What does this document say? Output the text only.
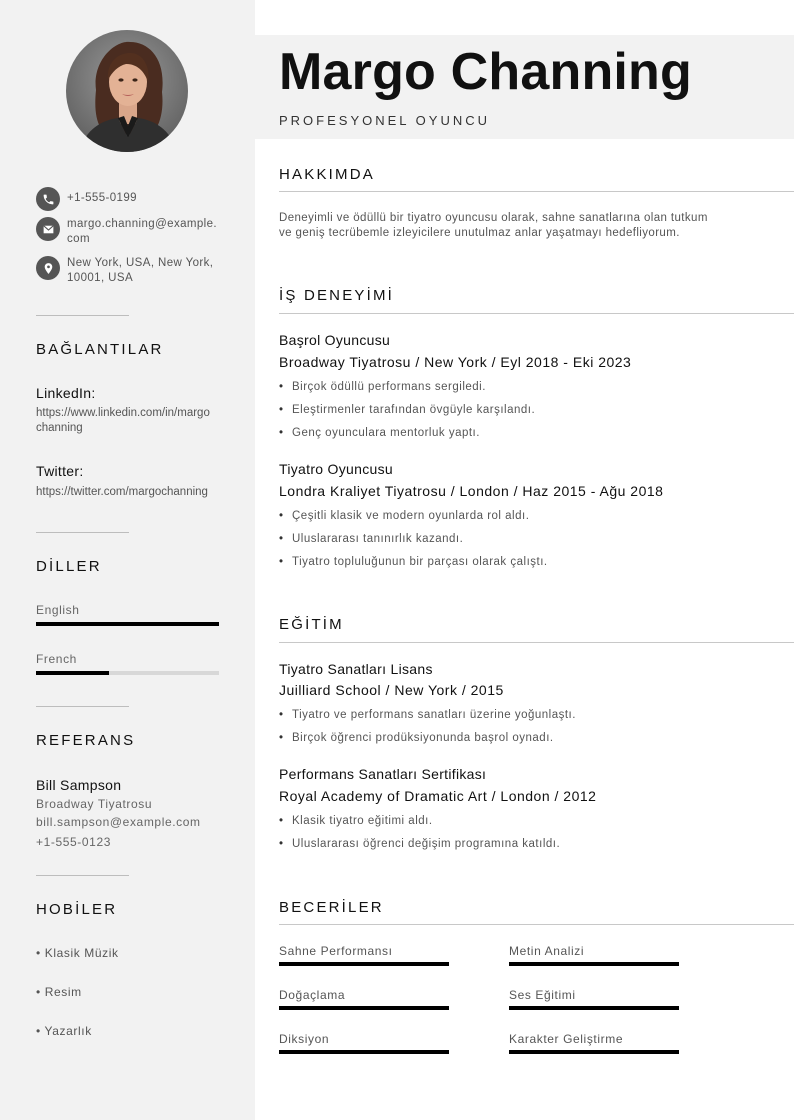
+1-555-0199
margo.channing@example.
com
New York, USA, New York,
10001, USA
BAĞLANTILAR
LinkedIn:
https://www.linkedin.com/in/margo
channing
Twitter:
https://twitter.com/margochanning
DİLLER
English
French
REFERANS
Bill Sampson
Broadway Tiyatrosu
bill.sampson@example.com
+1-555-0123
HOBİLER
• Klasik Müzik
• Resim
• Yazarlık
Margo Channing
PROFESYONEL OYUNCU
HAKKIMDA
Deneyimli ve ödüllü bir tiyatro oyuncusu olarak, sahne sanatlarına olan tutkum
ve geniş tecrübemle izleyicilere unutulmaz anlar yaşatmayı hedefliyorum.
İŞ DENEYİMİ
Başrol Oyuncusu
Broadway Tiyatrosu / New York / Eyl 2018 - Eki 2023
• Birçok ödüllü performans sergiledi.
• Eleştirmenler tarafından övgüyle karşılandı.
• Genç oyunculara mentorluk yaptı.
Tiyatro Oyuncusu
Londra Kraliyet Tiyatrosu / London / Haz 2015 - Ağu 2018
• Çeşitli klasik ve modern oyunlarda rol aldı.
• Uluslararası tanınırlık kazandı.
• Tiyatro topluluğunun bir parçası olarak çalıştı.
EĞİTİM
Tiyatro Sanatları Lisans
Juilliard School / New York / 2015
• Tiyatro ve performans sanatları üzerine yoğunlaştı.
• Birçok öğrenci prodüksiyonunda başrol oynadı.
Performans Sanatları Sertifikası
Royal Academy of Dramatic Art / London / 2012
• Klasik tiyatro eğitimi aldı.
• Uluslararası öğrenci değişim programına katıldı.
BECERİLER
Sahne Performansı	Metin Analizi
Doğaçlama	Ses Eğitimi
Diksiyon	Karakter Geliştirme
